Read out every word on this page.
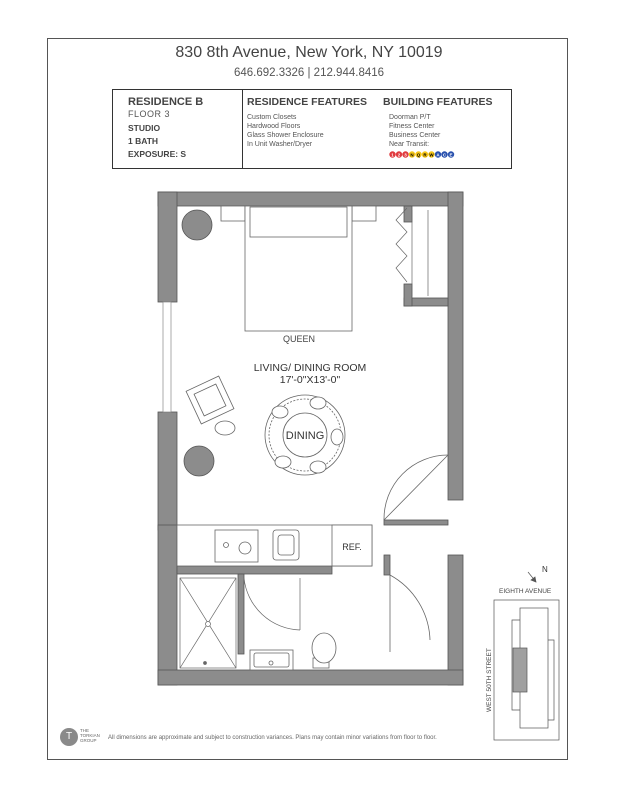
830 8th Avenue, New York, NY 10019
646.692.3326 | 212.944.8416
RESIDENCE B
FLOOR 3
STUDIO
1 BATH
EXPOSURE: S
RESIDENCE FEATURES
Custom Closets
Hardwood Floors
Glass Shower Enclosure
In Unit Washer/Dryer
BUILDING FEATURES
Doorman P/T
Fitness Center
Business Center
Near Transit:
1 2 3 N Q R W A C E
QUEEN
LIVING/ DINING ROOM
17'-0"X13'-0"
DINING
REF.
N
EIGHTH AVENUE
WEST 50TH STREET
T
THE TORKIAN GROUP	All dimensions are approximate and subject to construction variances. Plans may contain minor variations from floor to floor.
